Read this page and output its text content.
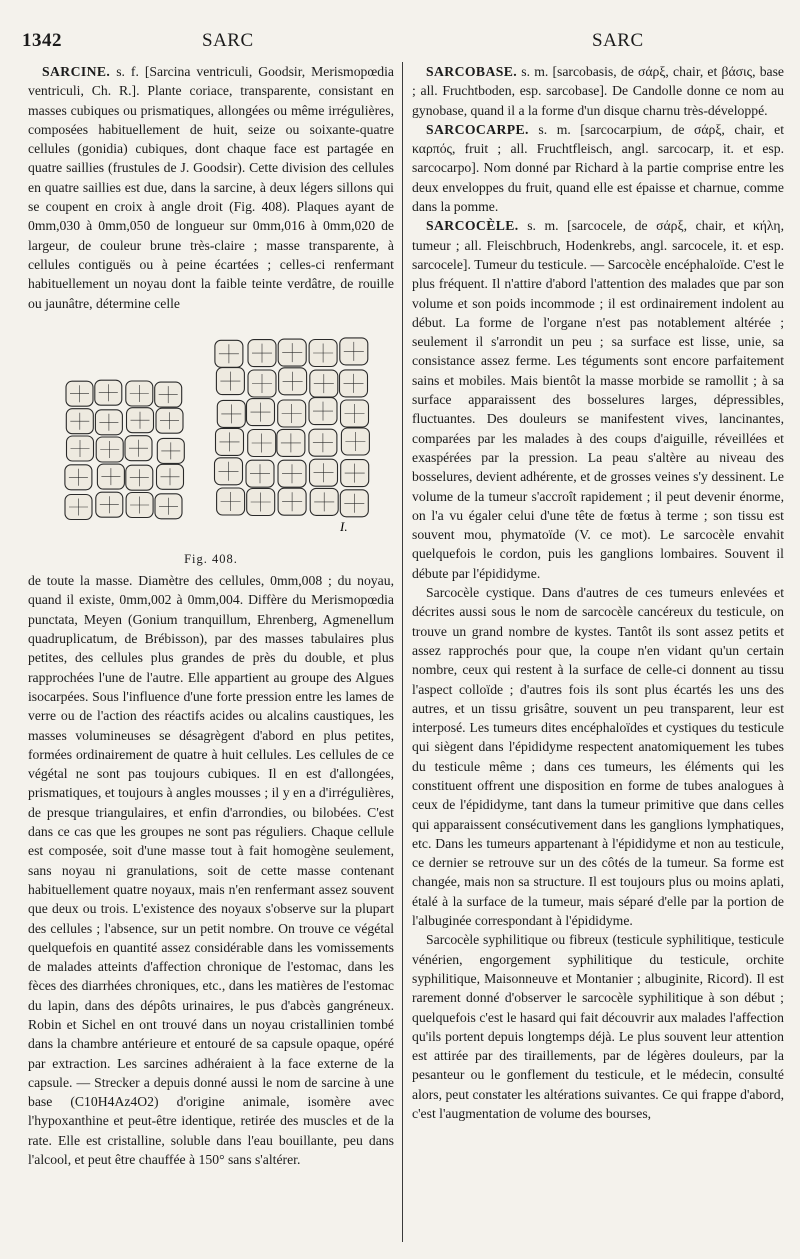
1342	SARC	SARC

SARCINE. s. f. [Sarcina ventriculi, Goodsir, Merismopœdia ventriculi, Ch. R.]. Plante coriace, transparente, consistant en masses cubiques ou prismatiques, allongées ou même irrégulières, composées habituellement de huit, seize ou soixante-quatre cellules (gonidia) cubiques, dont chaque face est partagée en quatre saillies (frustules de J. Goodsir). Cette division des cellules en quatre saillies est due, dans la sarcine, à deux légers sillons qui se coupent en croix à angle droit (Fig. 408). Plaques ayant de 0mm,030 à 0mm,050 de longueur sur 0mm,016 à 0mm,020 de largeur, de couleur brune très-claire ; masse transparente, à cellules contiguës ou à peine écartées ; celles-ci renfermant habituellement un noyau dont la faible teinte verdâtre, de rouille ou jaunâtre, détermine celle

I.
Fig. 408.

de toute la masse. Diamètre des cellules, 0mm,008 ; du noyau, quand il existe, 0mm,002 à 0mm,004. Diffère du Merismopœdia punctata, Meyen (Gonium tranquillum, Ehrenberg, Agmenellum quadruplicatum, de Brébisson), par des masses tabulaires plus petites, des cellules plus grandes de près du double, et plus rapprochées l'une de l'autre. Elle appartient au groupe des Algues isocarpées. Sous l'influence d'une forte pression entre les lames de verre ou de l'action des réactifs acides ou alcalins caustiques, les masses volumineuses se désagrègent d'abord en plus petites, formées ordinairement de quatre à huit cellules. Les cellules de ce végétal ne sont pas toujours cubiques. Il en est d'allongées, prismatiques, et toujours à angles mousses ; il y en a d'irrégulières, de presque triangulaires, et enfin d'arrondies, ou bilobées. C'est dans ce cas que les groupes ne sont pas réguliers. Chaque cellule est composée, soit d'une masse tout à fait homogène seulement, sans noyau ni granulations, soit de cette masse contenant habituellement quatre noyaux, mais n'en renfermant assez souvent que deux ou trois. L'existence des noyaux s'observe sur la plupart des cellules ; l'absence, sur un petit nombre. On trouve ce végétal quelquefois en quantité assez considérable dans les vomissements de malades atteints d'affection chronique de l'estomac, dans les fèces des diarrhées chroniques, etc., dans les matières de l'estomac du lapin, dans des dépôts urinaires, le pus d'abcès gangréneux. Robin et Sichel en ont trouvé dans un noyau cristallinien tombé dans la chambre antérieure et entouré de sa capsule opaque, opéré par extraction. Les sarcines adhéraient à la face externe de la capsule. — Strecker a depuis donné aussi le nom de sarcine à une base (C10H4Az4O2) d'origine animale, isomère avec l'hypoxanthine et peut-être identique, retirée des muscles et de la rate. Elle est cristalline, soluble dans l'eau bouillante, peu dans l'alcool, et peut être chauffée à 150° sans s'altérer.

SARCOBASE. s. m. [sarcobasis, de σάρξ, chair, et βάσις, base ; all. Fruchtboden, esp. sarcobase]. De Candolle donne ce nom au gynobase, quand il a la forme d'un disque charnu très-développé.

SARCOCARPE. s. m. [sarcocarpium, de σάρξ, chair, et καρπός, fruit ; all. Fruchtfleisch, angl. sarcocarp, it. et esp. sarcocarpo]. Nom donné par Richard à la partie comprise entre les deux enveloppes du fruit, quand elle est épaisse et charnue, comme dans la pomme.

SARCOCÈLE. s. m. [sarcocele, de σάρξ, chair, et κήλη, tumeur ; all. Fleischbruch, Hodenkrebs, angl. sarcocele, it. et esp. sarcocele]. Tumeur du testicule. — Sarcocèle encéphaloïde. C'est le plus fréquent. Il n'attire d'abord l'attention des malades que par son volume et son poids incommode ; il est ordinairement indolent au début. La forme de l'organe n'est pas notablement altérée ; seulement il s'arrondit un peu ; sa surface est lisse, unie, sa consistance assez ferme. Les téguments sont encore parfaitement sains et mobiles. Mais bientôt la masse morbide se ramollit ; à sa surface apparaissent des bosselures larges, dépressibles, fluctuantes. Des douleurs se manifestent vives, lancinantes, comparées par les malades à des coups d'aiguille, réveillées et exaspérées par la pression. La peau s'altère au niveau des bosselures, devient adhérente, et de grosses veines s'y dessinent. Le volume de la tumeur s'accroît rapidement ; il peut devenir énorme, on l'a vu égaler celui d'une tête de fœtus à terme ; son tissu est souvent mou, phymatoïde (V. ce mot). Le sarcocèle envahit quelquefois le cordon, puis les ganglions lombaires. Souvent il débute par l'épididyme.

Sarcocèle cystique. Dans d'autres de ces tumeurs enlevées et décrites aussi sous le nom de sarcocèle cancéreux du testicule, on trouve un grand nombre de kystes. Tantôt ils sont assez petits et assez rapprochés pour que, la coupe n'en vidant qu'un certain nombre, ceux qui restent à la surface de celle-ci donnent au tissu l'aspect colloïde ; d'autres fois ils sont plus écartés les uns des autres, et un tissu grisâtre, souvent un peu transparent, leur est interposé. Les tumeurs dites encéphaloïdes et cystiques du testicule qui siègent dans l'épididyme respectent anatomiquement les tubes du testicule même ; dans ces tumeurs, les éléments qui les constituent offrent une disposition en forme de tubes analogues à ceux de l'épididyme, tant dans la tumeur primitive que dans celles qui apparaissent consécutivement dans les ganglions lymphatiques, etc. Dans les tumeurs appartenant à l'épididyme et non au testicule, ce dernier se retrouve sur un des côtés de la tumeur. Sa forme est changée, mais non sa structure. Il est toujours plus ou moins aplati, étalé à la surface de la tumeur, mais séparé d'elle par la portion de l'albuginée correspondant à l'épididyme.

Sarcocèle syphilitique ou fibreux (testicule syphilitique, testicule vénérien, engorgement syphilitique du testicule, orchite syphilitique, Maisonneuve et Montanier ; albuginite, Ricord). Il est rarement donné d'observer le sarcocèle syphilitique à son début ; quelquefois c'est le hasard qui fait découvrir aux malades l'affection qu'ils portent depuis longtemps déjà. Le plus souvent leur attention est attirée par des tiraillements, par de légères douleurs, par la pesanteur ou le gonflement du testicule, et le médecin, consulté alors, peut constater les altérations suivantes. Ce qui frappe d'abord, c'est l'augmentation de volume des bourses,
